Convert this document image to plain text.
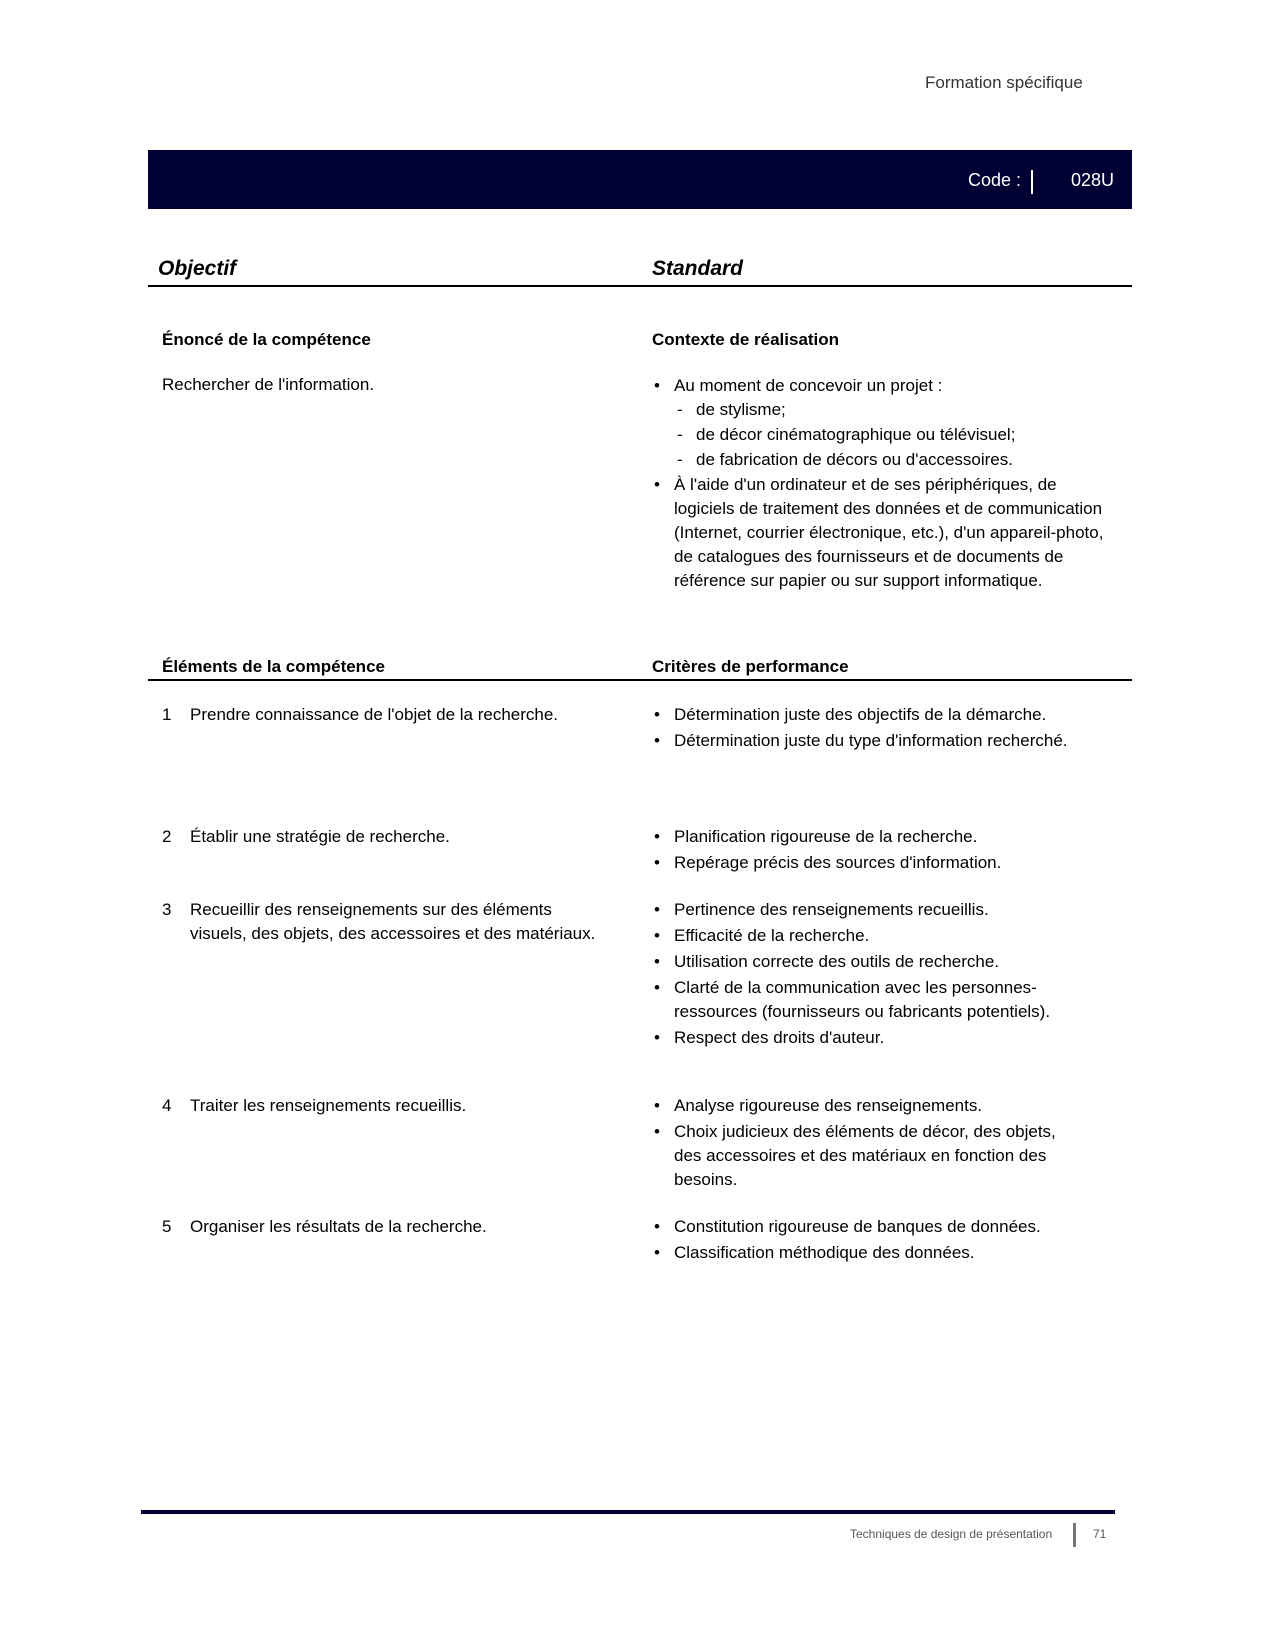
Formation spécifique
Code :	028U
Objectif	Standard
Énoncé de la compétence	Contexte de réalisation
Rechercher de l'information.	• Au moment de concevoir un projet :
- de stylisme;
- de décor cinématographique ou télévisuel;
- de fabrication de décors ou d'accessoires.
• À l'aide d'un ordinateur et de ses périphériques, de logiciels de traitement des données et de communication (Internet, courrier électronique, etc.), d'un appareil-photo, de catalogues des fournisseurs et de documents de référence sur papier ou sur support informatique.
Éléments de la compétence	Critères de performance
1	Prendre connaissance de l'objet de la recherche.	• Détermination juste des objectifs de la démarche.
• Détermination juste du type d'information recherché.
2	Établir une stratégie de recherche.	• Planification rigoureuse de la recherche.
• Repérage précis des sources d'information.
3	Recueillir des renseignements sur des éléments visuels, des objets, des accessoires et des matériaux.
• Pertinence des renseignements recueillis.
• Efficacité de la recherche.
• Utilisation correcte des outils de recherche.
• Clarté de la communication avec les personnes-ressources (fournisseurs ou fabricants potentiels).
• Respect des droits d'auteur.
4	Traiter les renseignements recueillis.	• Analyse rigoureuse des renseignements.
• Choix judicieux des éléments de décor, des objets, des accessoires et des matériaux en fonction des besoins.
5	Organiser les résultats de la recherche.	• Constitution rigoureuse de banques de données.
• Classification méthodique des données.
Techniques de design de présentation	71
